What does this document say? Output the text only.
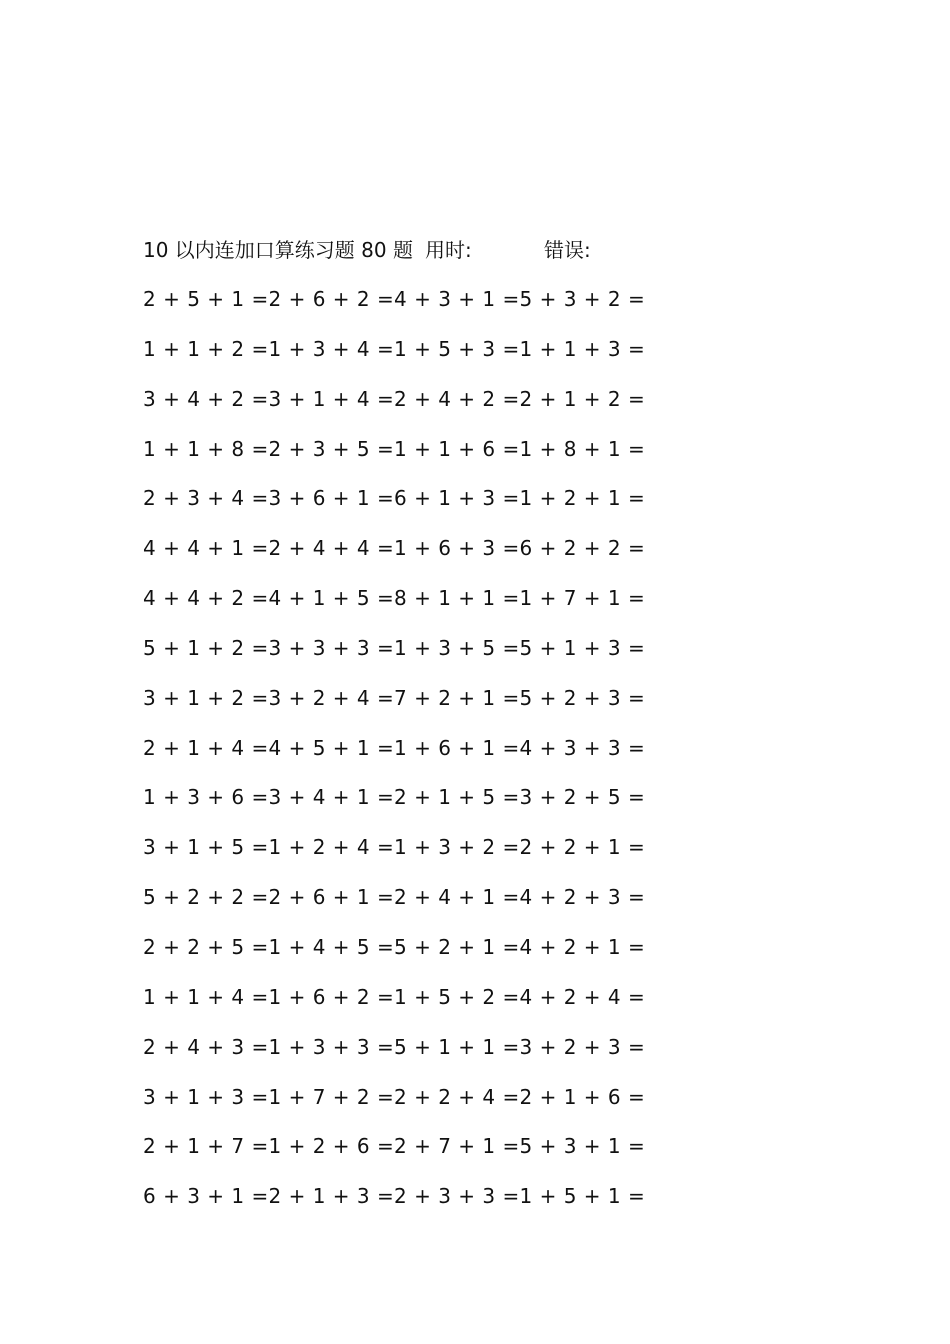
10 以内连加口算练习题 80 题 用时:	错误:
2 + 5 + 1 = 2 + 6 + 2 = 4 + 3 + 1 = 5 + 3 + 2 =
1 + 1 + 2 = 1 + 3 + 4 = 1 + 5 + 3 = 1 + 1 + 3 =
3 + 4 + 2 = 3 + 1 + 4 = 2 + 4 + 2 = 2 + 1 + 2 =
1 + 1 + 8 = 2 + 3 + 5 = 1 + 1 + 6 = 1 + 8 + 1 =
2 + 3 + 4 = 3 + 6 + 1 = 6 + 1 + 3 = 1 + 2 + 1 =
4 + 4 + 1 = 2 + 4 + 4 = 1 + 6 + 3 = 6 + 2 + 2 =
4 + 4 + 2 = 4 + 1 + 5 = 8 + 1 + 1 = 1 + 7 + 1 =
5 + 1 + 2 = 3 + 3 + 3 = 1 + 3 + 5 = 5 + 1 + 3 =
3 + 1 + 2 = 3 + 2 + 4 = 7 + 2 + 1 = 5 + 2 + 3 =
2 + 1 + 4 = 4 + 5 + 1 = 1 + 6 + 1 = 4 + 3 + 3 =
1 + 3 + 6 = 3 + 4 + 1 = 2 + 1 + 5 = 3 + 2 + 5 =
3 + 1 + 5 = 1 + 2 + 4 = 1 + 3 + 2 = 2 + 2 + 1 =
5 + 2 + 2 = 2 + 6 + 1 = 2 + 4 + 1 = 4 + 2 + 3 =
2 + 2 + 5 = 1 + 4 + 5 = 5 + 2 + 1 = 4 + 2 + 1 =
1 + 1 + 4 = 1 + 6 + 2 = 1 + 5 + 2 = 4 + 2 + 4 =
2 + 4 + 3 = 1 + 3 + 3 = 5 + 1 + 1 = 3 + 2 + 3 =
3 + 1 + 3 = 1 + 7 + 2 = 2 + 2 + 4 = 2 + 1 + 6 =
2 + 1 + 7 = 1 + 2 + 6 = 2 + 7 + 1 = 5 + 3 + 1 =
6 + 3 + 1 = 2 + 1 + 3 = 2 + 3 + 3 = 1 + 5 + 1 =
